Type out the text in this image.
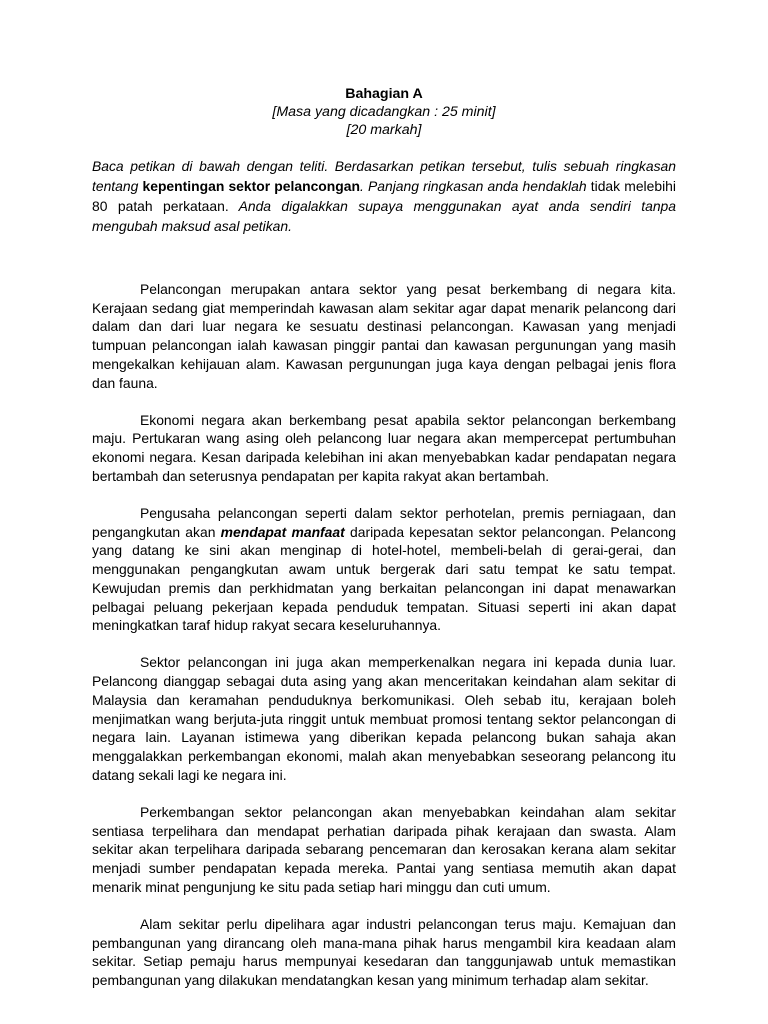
Bahagian A
[Masa yang dicadangkan : 25 minit]
[20 markah]
Baca petikan di bawah dengan teliti. Berdasarkan petikan tersebut, tulis sebuah ringkasan tentang kepentingan sektor pelancongan. Panjang ringkasan anda hendaklah tidak melebihi 80 patah perkataan. Anda digalakkan supaya menggunakan ayat anda sendiri tanpa mengubah maksud asal petikan.

Pelancongan merupakan antara sektor yang pesat berkembang di negara kita. Kerajaan sedang giat memperindah kawasan alam sekitar agar dapat menarik pelancong dari dalam dan dari luar negara ke sesuatu destinasi pelancongan. Kawasan yang menjadi tumpuan pelancongan ialah kawasan pinggir pantai dan kawasan pergunungan yang masih mengekalkan kehijauan alam. Kawasan pergunungan juga kaya dengan pelbagai jenis flora dan fauna.

Ekonomi negara akan berkembang pesat apabila sektor pelancongan berkembang maju. Pertukaran wang asing oleh pelancong luar negara akan mempercepat pertumbuhan ekonomi negara. Kesan daripada kelebihan ini akan menyebabkan kadar pendapatan negara bertambah dan seterusnya pendapatan per kapita rakyat akan bertambah.

Pengusaha pelancongan seperti dalam sektor perhotelan, premis perniagaan, dan pengangkutan akan mendapat manfaat daripada kepesatan sektor pelancongan. Pelancong yang datang ke sini akan menginap di hotel-hotel, membeli-belah di gerai-gerai, dan menggunakan pengangkutan awam untuk bergerak dari satu tempat ke satu tempat. Kewujudan premis dan perkhidmatan yang berkaitan pelancongan ini dapat menawarkan pelbagai peluang pekerjaan kepada penduduk tempatan. Situasi seperti ini akan dapat meningkatkan taraf hidup rakyat secara keseluruhannya.

Sektor pelancongan ini juga akan memperkenalkan negara ini kepada dunia luar. Pelancong dianggap sebagai duta asing yang akan menceritakan keindahan alam sekitar di Malaysia dan keramahan penduduknya berkomunikasi. Oleh sebab itu, kerajaan boleh menjimatkan wang berjuta-juta ringgit untuk membuat promosi tentang sektor pelancongan di negara lain. Layanan istimewa yang diberikan kepada pelancong bukan sahaja akan menggalakkan perkembangan ekonomi, malah akan menyebabkan seseorang pelancong itu datang sekali lagi ke negara ini.

Perkembangan sektor pelancongan akan menyebabkan keindahan alam sekitar sentiasa terpelihara dan mendapat perhatian daripada pihak kerajaan dan swasta. Alam sekitar akan terpelihara daripada sebarang pencemaran dan kerosakan kerana alam sekitar menjadi sumber pendapatan kepada mereka. Pantai yang sentiasa memutih akan dapat menarik minat pengunjung ke situ pada setiap hari minggu dan cuti umum.

Alam sekitar perlu dipelihara agar industri pelancongan terus maju. Kemajuan dan pembangunan yang dirancang oleh mana-mana pihak harus mengambil kira keadaan alam sekitar. Setiap pemaju harus mempunyai kesedaran dan tanggunjawab untuk memastikan pembangunan yang dilakukan mendatangkan kesan yang minimum terhadap alam sekitar.
